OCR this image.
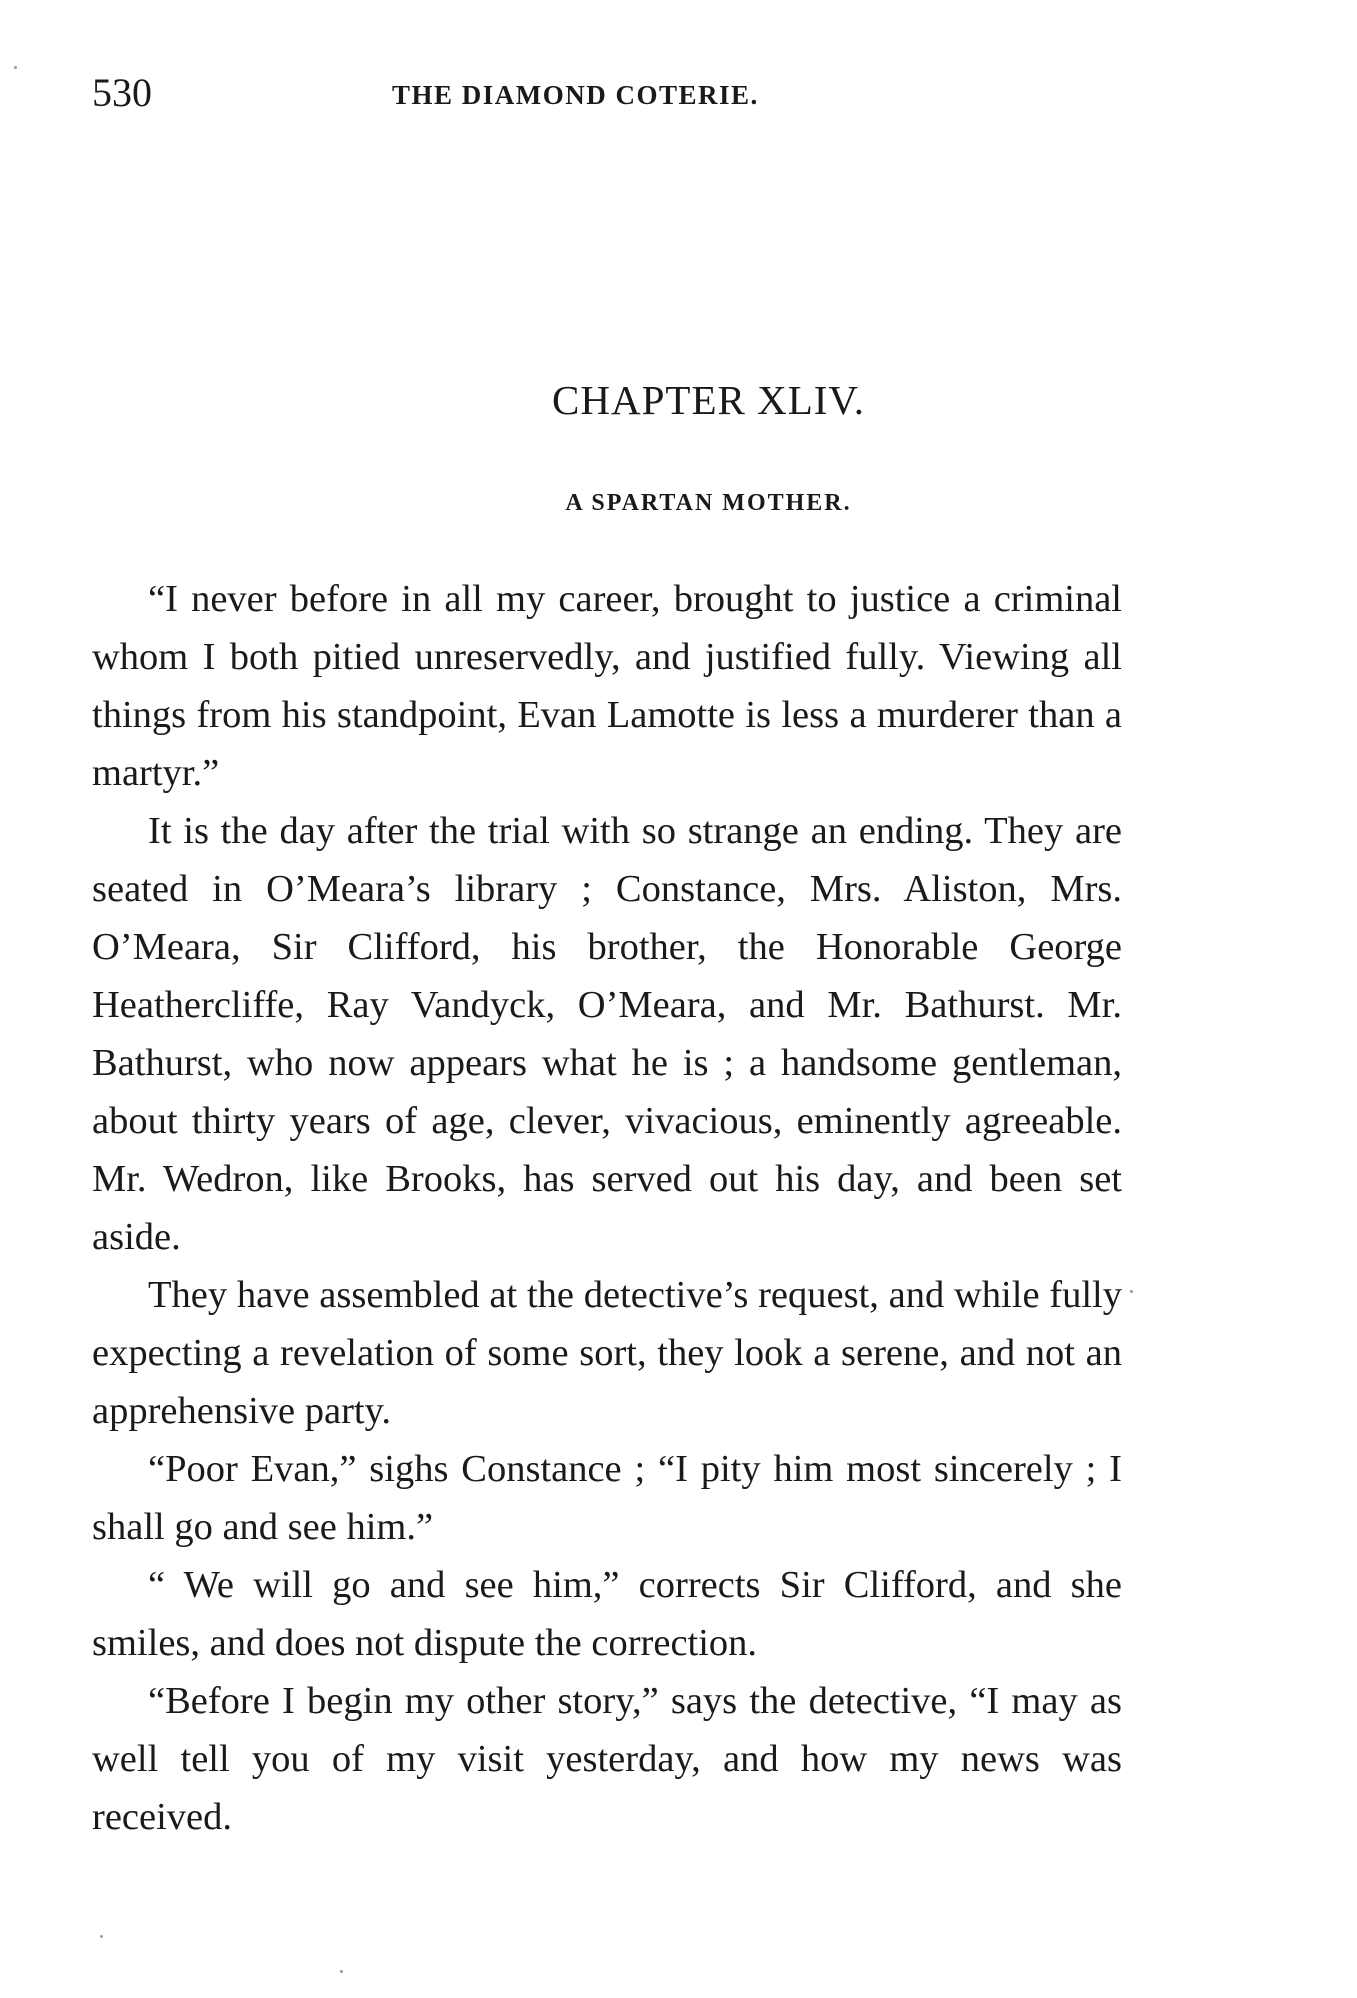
530	THE DIAMOND COTERIE.
CHAPTER XLIV.
A SPARTAN MOTHER.

“I never before in all my career, brought to justice a criminal whom I both pitied unreservedly, and justified fully. Viewing all things from his standpoint, Evan Lamotte is less a murderer than a martyr.”

It is the day after the trial with so strange an ending. They are seated in O’Meara’s library ; Constance, Mrs. Aliston, Mrs. O’Meara, Sir Clifford, his brother, the Honorable George Heathercliffe, Ray Vandyck, O’Meara, and Mr. Bathurst. Mr. Bathurst, who now appears what he is ; a handsome gentleman, about thirty years of age, clever, vivacious, eminently agreeable. Mr. Wedron, like Brooks, has served out his day, and been set aside.

They have assembled at the detective’s request, and while fully expecting a revelation of some sort, they look a serene, and not an apprehensive party.

“Poor Evan,” sighs Constance ; “I pity him most sincerely ; I shall go and see him.”

“ We will go and see him,” corrects Sir Clifford, and she smiles, and does not dispute the correction.

“Before I begin my other story,” says the detective, “I may as well tell you of my visit yesterday, and how my news was received.
